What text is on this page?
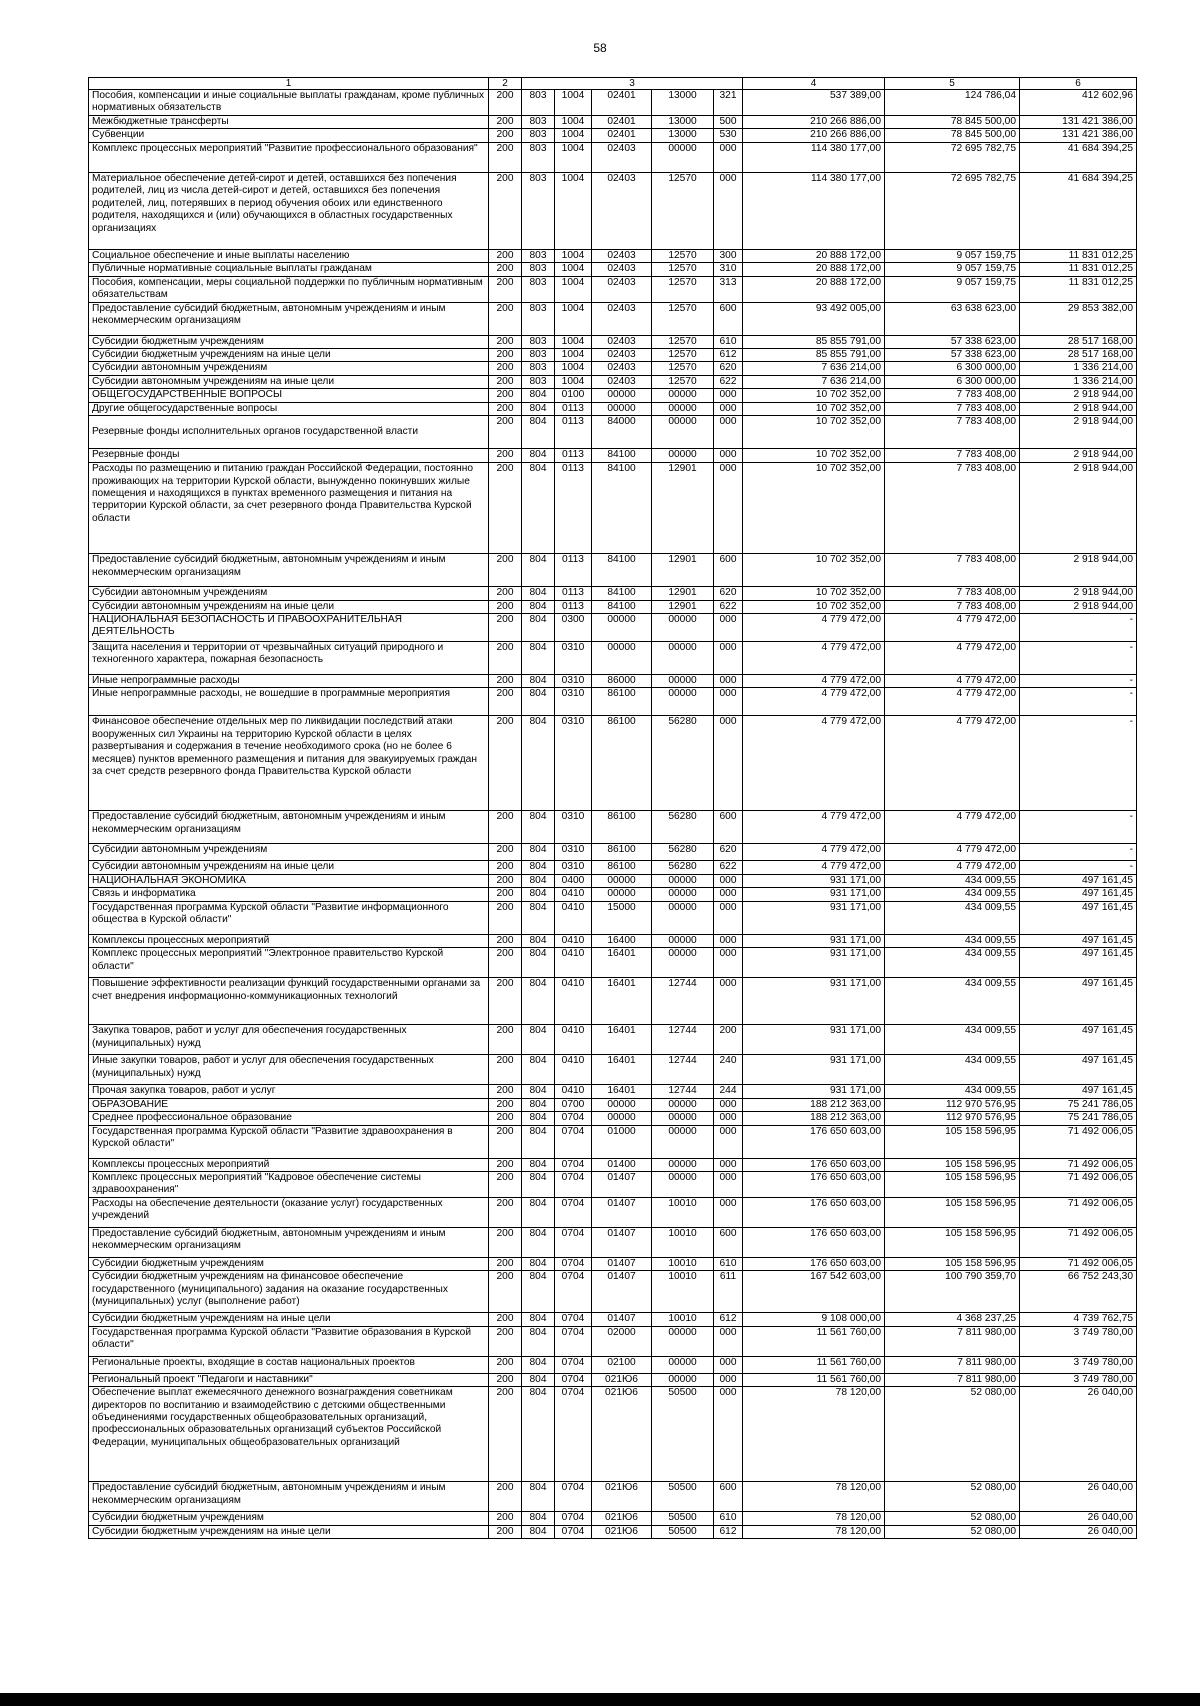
58
1	2	3					4	5	6
Пособия, компенсации и иные социальные выплаты гражданам, кроме публичных нормативных обязательств	200	803	1004	02401	13000	321	537 389,00	124 786,04	412 602,96
Межбюджетные трансферты	200	803	1004	02401	13000	500	210 266 886,00	78 845 500,00	131 421 386,00
Субвенции	200	803	1004	02401	13000	530	210 266 886,00	78 845 500,00	131 421 386,00
Комплекс процессных мероприятий "Развитие профессионального образования"	200	803	1004	02403	00000	000	114 380 177,00	72 695 782,75	41 684 394,25
Материальное обеспечение детей-сирот и детей, оставшихся без попечения родителей, лиц из числа детей-сирот и детей, оставшихся без попечения родителей, лиц, потерявших в период обучения обоих или единственного родителя, находящихся и (или) обучающихся в областных государственных организациях	200	803	1004	02403	12570	000	114 380 177,00	72 695 782,75	41 684 394,25
Социальное обеспечение и иные выплаты населению	200	803	1004	02403	12570	300	20 888 172,00	9 057 159,75	11 831 012,25
Публичные нормативные социальные выплаты гражданам	200	803	1004	02403	12570	310	20 888 172,00	9 057 159,75	11 831 012,25
Пособия, компенсации, меры социальной поддержки по публичным нормативным обязательствам	200	803	1004	02403	12570	313	20 888 172,00	9 057 159,75	11 831 012,25
Предоставление субсидий бюджетным, автономным учреждениям и иным некоммерческим организациям	200	803	1004	02403	12570	600	93 492 005,00	63 638 623,00	29 853 382,00
Субсидии бюджетным учреждениям	200	803	1004	02403	12570	610	85 855 791,00	57 338 623,00	28 517 168,00
Субсидии бюджетным учреждениям на иные цели	200	803	1004	02403	12570	612	85 855 791,00	57 338 623,00	28 517 168,00
Субсидии автономным учреждениям	200	803	1004	02403	12570	620	7 636 214,00	6 300 000,00	1 336 214,00
Субсидии автономным учреждениям на иные цели	200	803	1004	02403	12570	622	7 636 214,00	6 300 000,00	1 336 214,00
ОБЩЕГОСУДАРСТВЕННЫЕ ВОПРОСЫ	200	804	0100	00000	00000	000	10 702 352,00	7 783 408,00	2 918 944,00
Другие общегосударственные вопросы	200	804	0113	00000	00000	000	10 702 352,00	7 783 408,00	2 918 944,00
Резервные фонды исполнительных органов государственной власти	200	804	0113	84000	00000	000	10 702 352,00	7 783 408,00	2 918 944,00
Резервные фонды	200	804	0113	84100	00000	000	10 702 352,00	7 783 408,00	2 918 944,00
Расходы по размещению и питанию граждан Российской Федерации, постоянно проживающих на территории Курской области, вынужденно покинувших жилые помещения и находящихся в пунктах временного размещения и питания на территории Курской области, за счет резервного фонда Правительства Курской области	200	804	0113	84100	12901	000	10 702 352,00	7 783 408,00	2 918 944,00
Предоставление субсидий бюджетным, автономным учреждениям и иным некоммерческим организациям	200	804	0113	84100	12901	600	10 702 352,00	7 783 408,00	2 918 944,00
Субсидии автономным учреждениям	200	804	0113	84100	12901	620	10 702 352,00	7 783 408,00	2 918 944,00
Субсидии автономным учреждениям на иные цели	200	804	0113	84100	12901	622	10 702 352,00	7 783 408,00	2 918 944,00
НАЦИОНАЛЬНАЯ БЕЗОПАСНОСТЬ И ПРАВООХРАНИТЕЛЬНАЯ ДЕЯТЕЛЬНОСТЬ	200	804	0300	00000	00000	000	4 779 472,00	4 779 472,00	-
Защита населения и территории от чрезвычайных ситуаций природного и техногенного характера, пожарная безопасность	200	804	0310	00000	00000	000	4 779 472,00	4 779 472,00	-
Иные непрограммные расходы	200	804	0310	86000	00000	000	4 779 472,00	4 779 472,00	-
Иные непрограммные расходы, не вошедшие в программные мероприятия	200	804	0310	86100	00000	000	4 779 472,00	4 779 472,00	-
Финансовое обеспечение отдельных мер по ликвидации последствий атаки вооруженных сил Украины на территорию Курской области в целях развертывания и содержания в течение необходимого срока (но не более 6 месяцев) пунктов временного размещения и питания для эвакуируемых граждан за счет средств резервного фонда Правительства Курской области	200	804	0310	86100	56280	000	4 779 472,00	4 779 472,00	-
Предоставление субсидий бюджетным, автономным учреждениям и иным некоммерческим организациям	200	804	0310	86100	56280	600	4 779 472,00	4 779 472,00	-
Субсидии автономным учреждениям	200	804	0310	86100	56280	620	4 779 472,00	4 779 472,00	-
Субсидии автономным учреждениям на иные цели	200	804	0310	86100	56280	622	4 779 472,00	4 779 472,00	-
НАЦИОНАЛЬНАЯ ЭКОНОМИКА	200	804	0400	00000	00000	000	931 171,00	434 009,55	497 161,45
Связь и информатика	200	804	0410	00000	00000	000	931 171,00	434 009,55	497 161,45
Государственная программа Курской области "Развитие информационного общества в Курской области"	200	804	0410	15000	00000	000	931 171,00	434 009,55	497 161,45
Комплексы процессных мероприятий	200	804	0410	16400	00000	000	931 171,00	434 009,55	497 161,45
Комплекс процессных мероприятий "Электронное правительство Курской области"	200	804	0410	16401	00000	000	931 171,00	434 009,55	497 161,45
Повышение эффективности реализации функций государственными органами за счет внедрения информационно-коммуникационных технологий	200	804	0410	16401	12744	000	931 171,00	434 009,55	497 161,45
Закупка товаров, работ и услуг для обеспечения государственных (муниципальных) нужд	200	804	0410	16401	12744	200	931 171,00	434 009,55	497 161,45
Иные закупки товаров, работ и услуг для обеспечения государственных (муниципальных) нужд	200	804	0410	16401	12744	240	931 171,00	434 009,55	497 161,45
Прочая закупка товаров, работ и услуг	200	804	0410	16401	12744	244	931 171,00	434 009,55	497 161,45
ОБРАЗОВАНИЕ	200	804	0700	00000	00000	000	188 212 363,00	112 970 576,95	75 241 786,05
Среднее профессиональное образование	200	804	0704	00000	00000	000	188 212 363,00	112 970 576,95	75 241 786,05
Государственная программа Курской области "Развитие здравоохранения в Курской области"	200	804	0704	01000	00000	000	176 650 603,00	105 158 596,95	71 492 006,05
Комплексы процессных мероприятий	200	804	0704	01400	00000	000	176 650 603,00	105 158 596,95	71 492 006,05
Комплекс процессных мероприятий "Кадровое обеспечение системы здравоохранения"	200	804	0704	01407	00000	000	176 650 603,00	105 158 596,95	71 492 006,05
Расходы на обеспечение деятельности (оказание услуг) государственных учреждений	200	804	0704	01407	10010	000	176 650 603,00	105 158 596,95	71 492 006,05
Предоставление субсидий бюджетным, автономным учреждениям и иным некоммерческим организациям	200	804	0704	01407	10010	600	176 650 603,00	105 158 596,95	71 492 006,05
Субсидии бюджетным учреждениям	200	804	0704	01407	10010	610	176 650 603,00	105 158 596,95	71 492 006,05
Субсидии бюджетным учреждениям на финансовое обеспечение государственного (муниципального) задания на оказание государственных (муниципальных) услуг (выполнение работ)	200	804	0704	01407	10010	611	167 542 603,00	100 790 359,70	66 752 243,30
Субсидии бюджетным учреждениям на иные цели	200	804	0704	01407	10010	612	9 108 000,00	4 368 237,25	4 739 762,75
Государственная программа Курской области "Развитие образования в Курской области"	200	804	0704	02000	00000	000	11 561 760,00	7 811 980,00	3 749 780,00
Региональные проекты, входящие в состав национальных проектов	200	804	0704	02100	00000	000	11 561 760,00	7 811 980,00	3 749 780,00
Региональный проект "Педагоги и наставники"	200	804	0704	021Ю6	00000	000	11 561 760,00	7 811 980,00	3 749 780,00
Обеспечение выплат ежемесячного денежного вознаграждения советникам директоров по воспитанию и взаимодействию с детскими общественными объединениями государственных общеобразовательных организаций, профессиональных образовательных организаций субъектов Российской Федерации, муниципальных общеобразовательных организаций	200	804	0704	021Ю6	50500	000	78 120,00	52 080,00	26 040,00
Предоставление субсидий бюджетным, автономным учреждениям и иным некоммерческим организациям	200	804	0704	021Ю6	50500	600	78 120,00	52 080,00	26 040,00
Субсидии бюджетным учреждениям	200	804	0704	021Ю6	50500	610	78 120,00	52 080,00	26 040,00
Субсидии бюджетным учреждениям на иные цели	200	804	0704	021Ю6	50500	612	78 120,00	52 080,00	26 040,00
